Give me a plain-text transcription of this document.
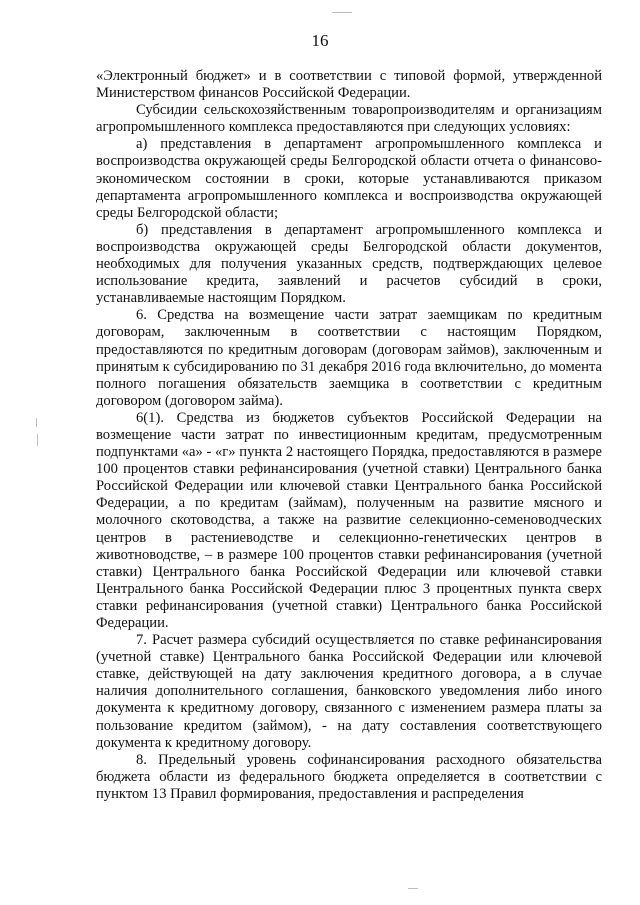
16

«Электронный бюджет» и в соответствии с типовой формой, утвержденной Министерством финансов Российской Федерации.

Субсидии сельскохозяйственным товаропроизводителям и организациям агропромышленного комплекса предоставляются при следующих условиях:

а) представления в департамент агропромышленного комплекса и воспроизводства окружающей среды Белгородской области отчета о финансово-экономическом состоянии в сроки, которые устанавливаются приказом департамента агропромышленного комплекса и воспроизводства окружающей среды Белгородской области;

б) представления в департамент агропромышленного комплекса и воспроизводства окружающей среды Белгородской области документов, необходимых для получения указанных средств, подтверждающих целевое использование кредита, заявлений и расчетов субсидий в сроки, устанавливаемые настоящим Порядком.

6. Средства на возмещение части затрат заемщикам по кредитным договорам, заключенным в соответствии с настоящим Порядком, предоставляются по кредитным договорам (договорам займов), заключенным и принятым к субсидированию по 31 декабря 2016 года включительно, до момента полного погашения обязательств заемщика в соответствии с кредитным договором (договором займа).

6(1). Средства из бюджетов субъектов Российской Федерации на возмещение части затрат по инвестиционным кредитам, предусмотренным подпунктами «а» - «г» пункта 2 настоящего Порядка, предоставляются в размере 100 процентов ставки рефинансирования (учетной ставки) Центрального банка Российской Федерации или ключевой ставки Центрального банка Российской Федерации, а по кредитам (займам), полученным на развитие мясного и молочного скотоводства, а также на развитие селекционно-семеноводческих центров в растениеводстве и селекционно-генетических центров в животноводстве, – в размере 100 процентов ставки рефинансирования (учетной ставки) Центрального банка Российской Федерации или ключевой ставки Центрального банка Российской Федерации плюс 3 процентных пункта сверх ставки рефинансирования (учетной ставки) Центрального банка Российской Федерации.

7. Расчет размера субсидий осуществляется по ставке рефинансирования (учетной ставке) Центрального банка Российской Федерации или ключевой ставке, действующей на дату заключения кредитного договора, а в случае наличия дополнительного соглашения, банковского уведомления либо иного документа к кредитному договору, связанного с изменением размера платы за пользование кредитом (займом), - на дату составления соответствующего документа к кредитному договору.

8. Предельный уровень софинансирования расходного обязательства бюджета области из федерального бюджета определяется в соответствии с пунктом 13 Правил формирования, предоставления и распределения
